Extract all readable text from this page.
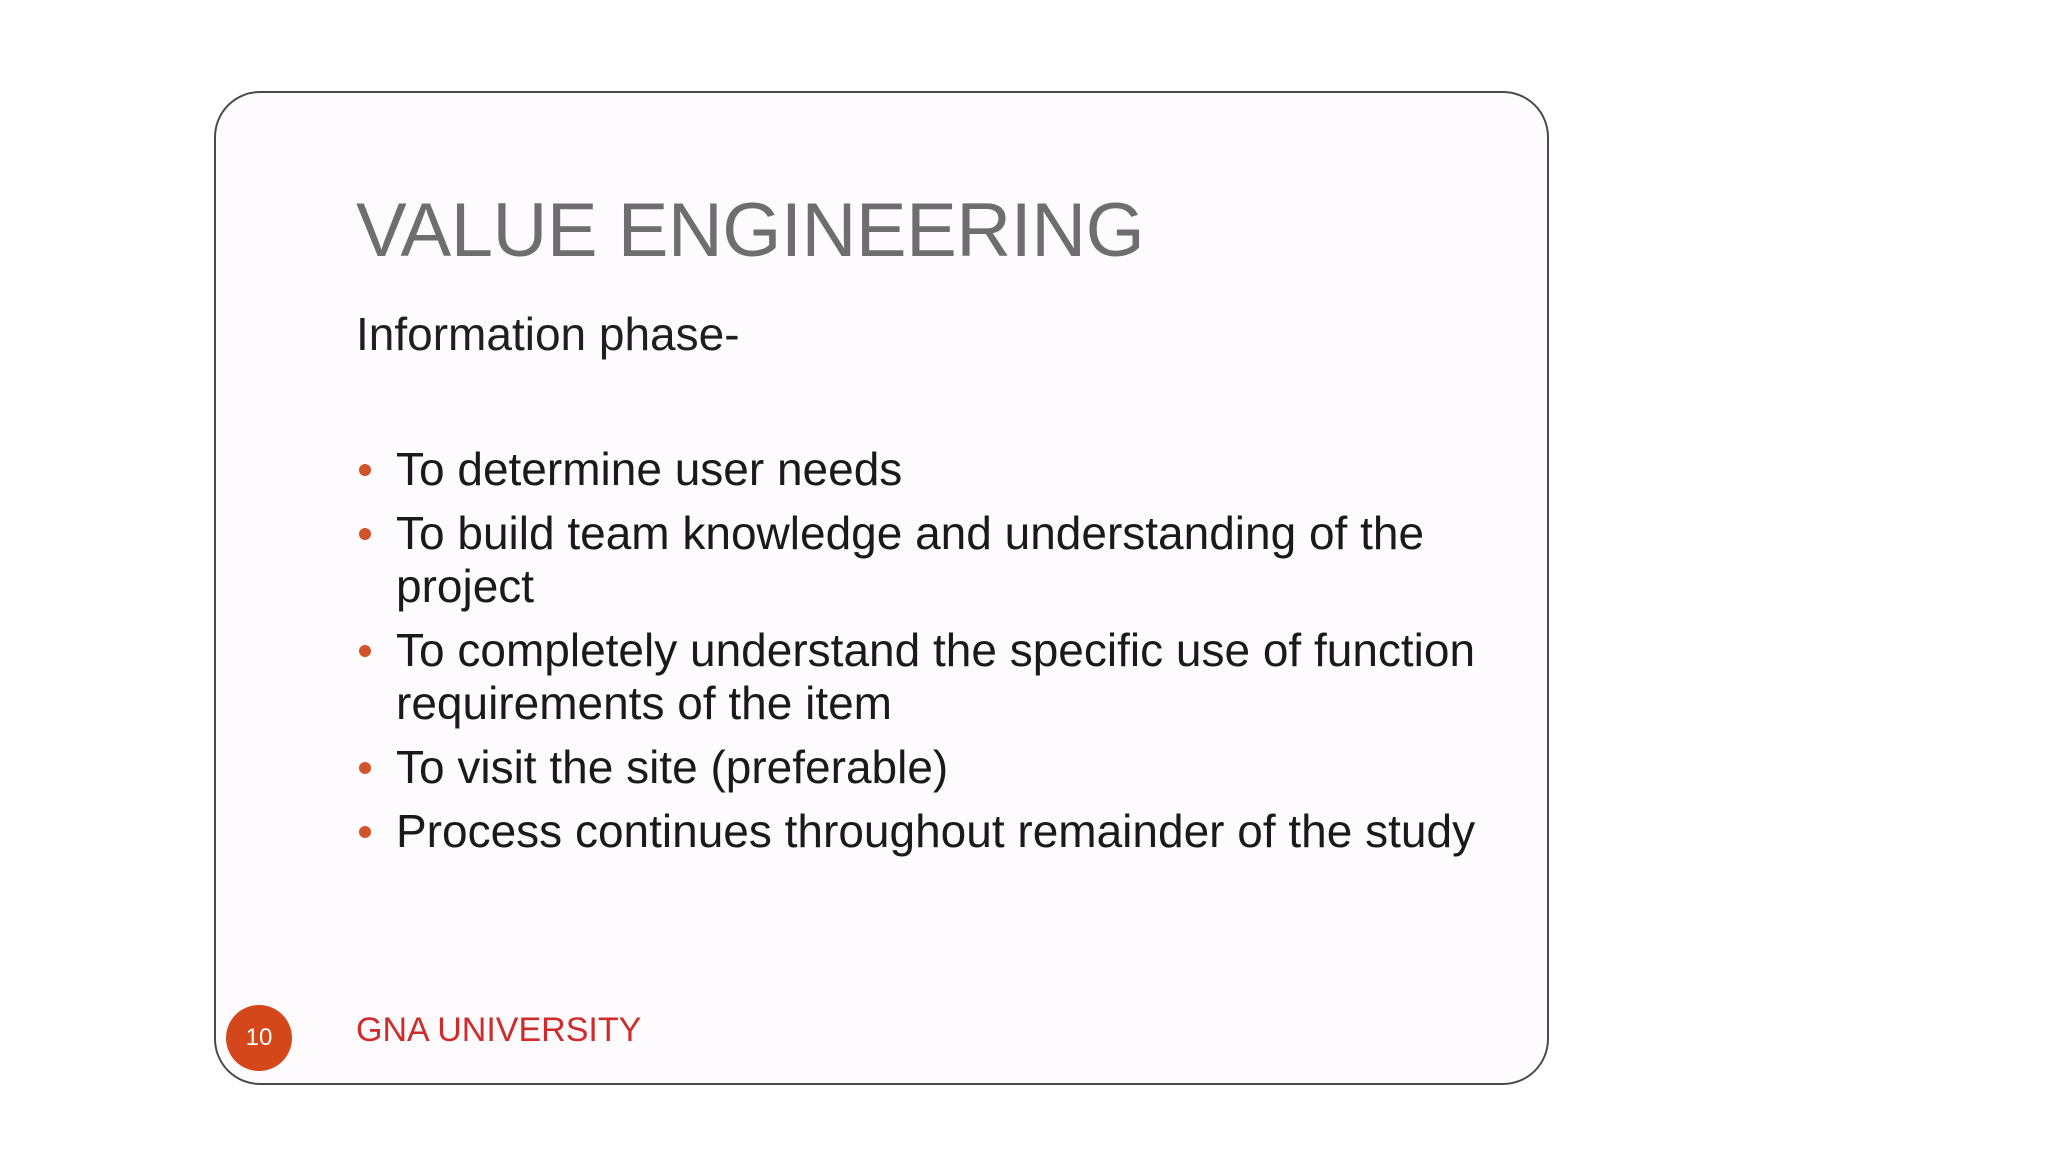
VALUE ENGINEERING

Information phase-

To determine user needs
To build team knowledge and understanding of the project
To completely understand the specific use of function requirements of the item
To visit the site (preferable)
Process continues throughout remainder of the study
10	GNA UNIVERSITY
